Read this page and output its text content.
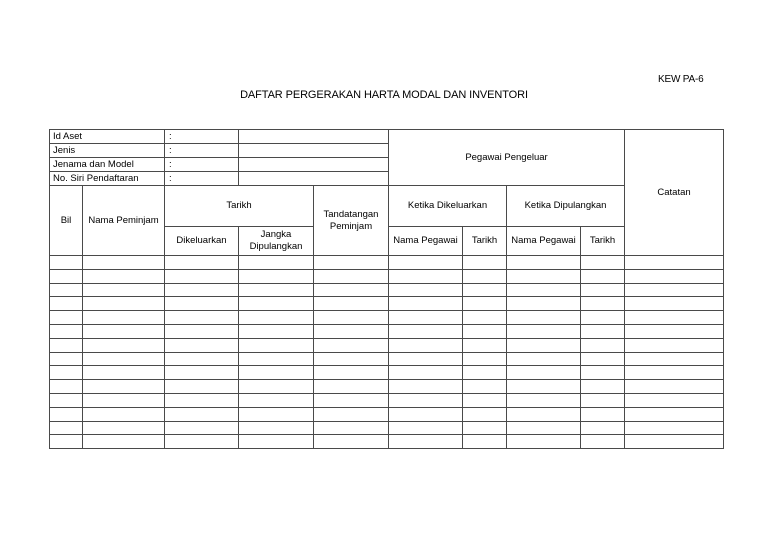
KEW PA-6
DAFTAR PERGERAKAN HARTA MODAL DAN INVENTORI
Id Aset		:			Pegawai Pengeluar				Catatan	
Jenis		:								
Jenama dan Model		:								
No. Siri Pendaftaran		:								
Bil	Nama Peminjam	Tarikh		Tandatangan Peminjam	Ketika Dikeluarkan		Ketika Dipulangkan			
		Dikeluarkan	Jangka Dipulangkan		Nama Pegawai	Tarikh	Nama Pegawai	Tarikh		
